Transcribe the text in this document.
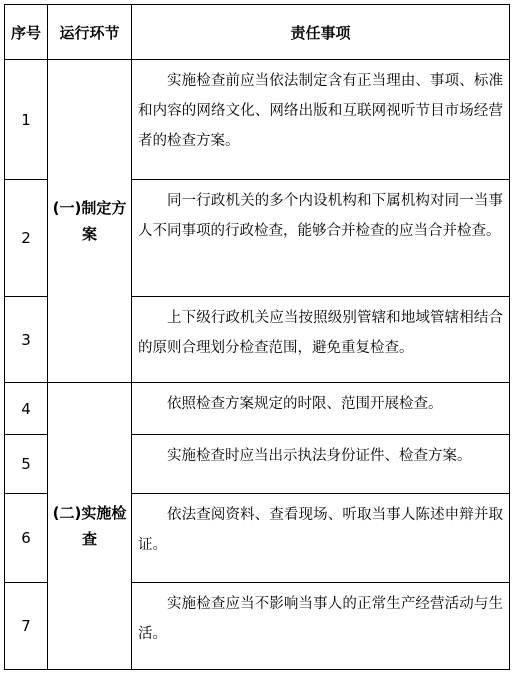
序号	运行环节	责任事项
1	(一)制定方案	实施检查前应当依法制定含有正当理由、事项、标准和内容的网络文化、网络出版和互联网视听节目市场经营者的检查方案。
2		同一行政机关的多个内设机构和下属机构对同一当事人不同事项的行政检查，能够合并检查的应当合并检查。
3		上下级行政机关应当按照级别管辖和地域管辖相结合的原则合理划分检查范围，避免重复检查。
4	(二)实施检查	依照检查方案规定的时限、范围开展检查。
5		实施检查时应当出示执法身份证件、检查方案。
6		依法查阅资料、查看现场、听取当事人陈述申辩并取证。
7		实施检查应当不影响当事人的正常生产经营活动与生活。
